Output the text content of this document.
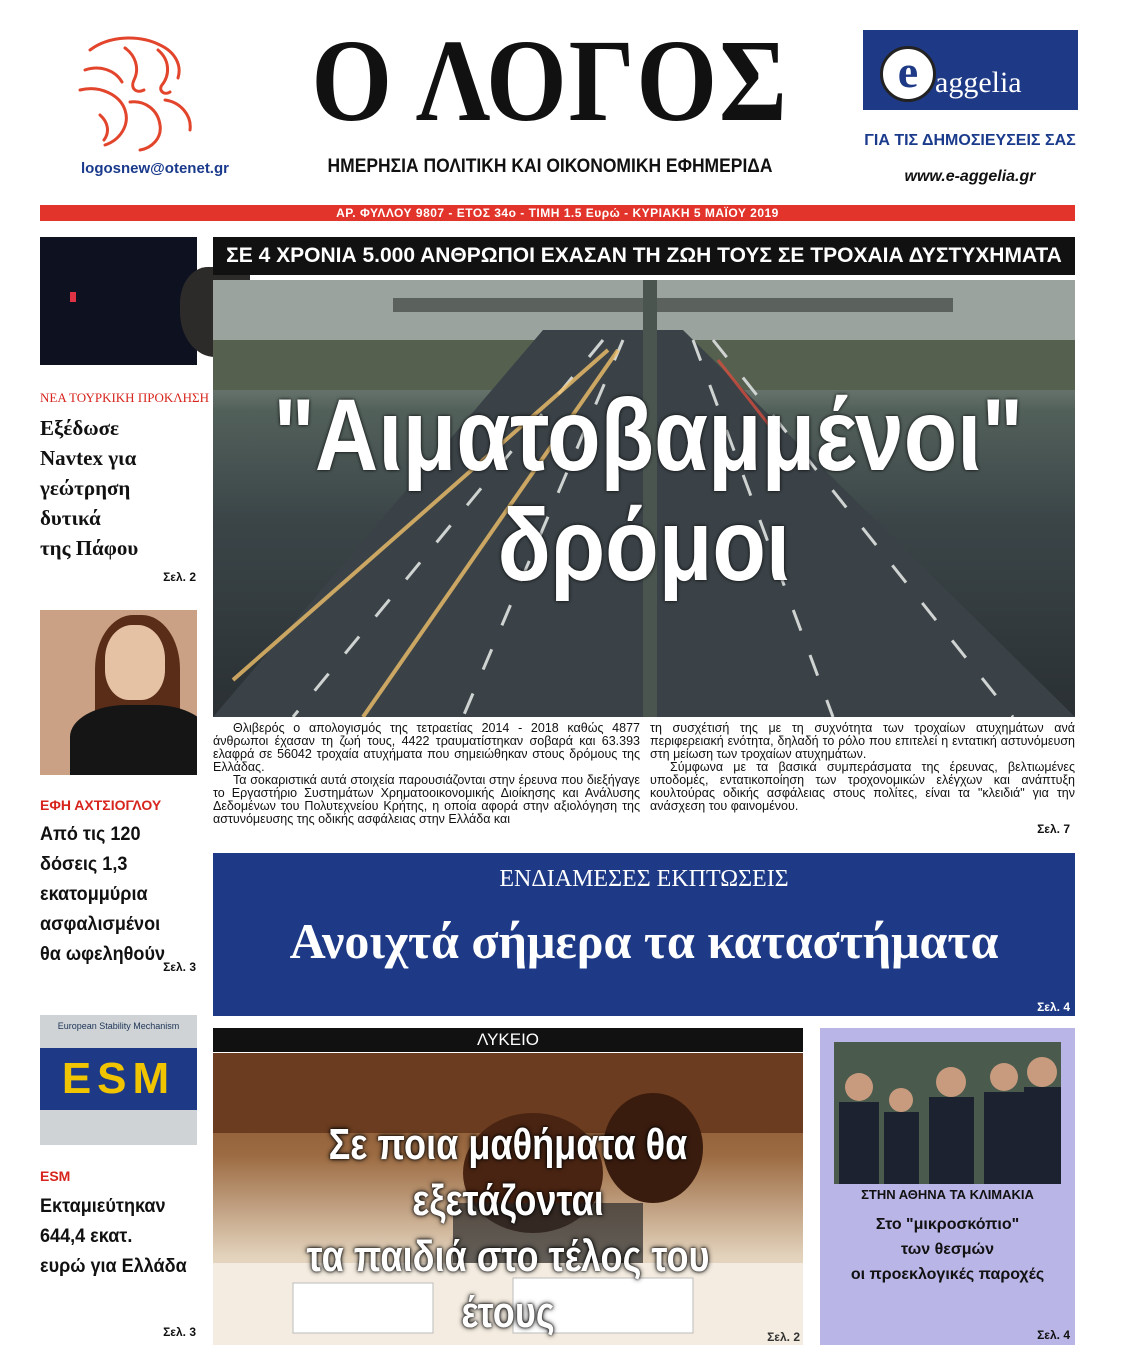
logosnew@otenet.gr
Ο ΛΟΓΟΣ
ΗΜΕΡΗΣΙΑ ΠΟΛΙΤΙΚΗ ΚΑΙ ΟΙΚΟΝΟΜΙΚΗ ΕΦΗΜΕΡΙΔΑ
e aggelia
ΓΙΑ ΤΙΣ ΔΗΜΟΣΙΕΥΣΕΙΣ ΣΑΣ
www.e-aggelia.gr
ΑΡ. ΦΥΛΛΟΥ 9807 - ΕΤΟΣ 34ο - ΤΙΜΗ 1.5 Ευρώ - ΚΥΡΙΑΚΗ 5 ΜΑΪΟΥ 2019
ΝΕΑ ΤΟΥΡΚΙΚΗ ΠΡΟΚΛΗΣΗ
Εξέδωσε
Navtex για
γεώτρηση
δυτικά
της Πάφου
Σελ. 2
ΕΦΗ ΑΧΤΣΙΟΓΛΟΥ
Από τις 120
δόσεις 1,3
εκατομμύρια
ασφαλισμένοι
θα ωφεληθούν
Σελ. 3
European Stability Mechanism
ESM
ESM
Εκταμιεύτηκαν
644,4 εκατ.
ευρώ για Ελλάδα
Σελ. 3
ΣΕ 4 ΧΡΟΝΙΑ 5.000 ΑΝΘΡΩΠΟΙ ΕΧΑΣΑΝ ΤΗ ΖΩΗ ΤΟΥΣ ΣΕ ΤΡΟΧΑΙΑ ΔΥΣΤΥΧΗΜΑΤΑ
"Αιματοβαμμένοι"
δρόμοι

Θλιβερός ο απολογισμός της τετραετίας 2014 - 2018 καθώς 4877 άνθρωποι έχασαν τη ζωή τους, 4422 τραυματίστηκαν σοβαρά και 63.393 ελαφρά σε 56042 τροχαία ατυχήματα που σημειώθηκαν στους δρόμους της Ελλάδας.

Τα σοκαριστικά αυτά στοιχεία παρουσιάζονται στην έρευνα που διεξήγαγε το Εργαστήριο Συστημάτων Χρηματοοικονομικής Διοίκησης και Ανάλυσης Δεδομένων του Πολυτεχνείου Κρήτης, η οποία αφορά στην αξιολόγηση της αστυνόμευσης της οδικής ασφάλειας στην Ελλάδα και

τη συσχέτισή της με τη συχνότητα των τροχαίων ατυχημάτων ανά περιφερειακή ενότητα, δηλαδή το ρόλο που επιτελεί η εντατική αστυνόμευση στη μείωση των τροχαίων ατυχημάτων.

Σύμφωνα με τα βασικά συμπεράσματα της έρευνας, βελτιωμένες υποδομές, εντατικοποίηση των τροχονομικών ελέγχων και ανάπτυξη κουλτούρας οδικής ασφάλειας στους πολίτες, είναι τα "κλειδιά" για την ανάσχεση του φαινομένου.

Σελ. 7
ΕΝΔΙΑΜΕΣΕΣ ΕΚΠΤΩΣΕΙΣ
Ανοιχτά σήμερα τα καταστήματα
Σελ. 4
ΛΥΚΕΙΟ
Σε ποια μαθήματα θα εξετάζονται
τα παιδιά στο τέλος του έτους	Σελ. 2
ΣΤΗΝ ΑΘΗΝΑ ΤΑ ΚΛΙΜΑΚΙΑ
Στο "μικροσκόπιο"
των θεσμών
οι προεκλογικές παροχές
Σελ. 4
